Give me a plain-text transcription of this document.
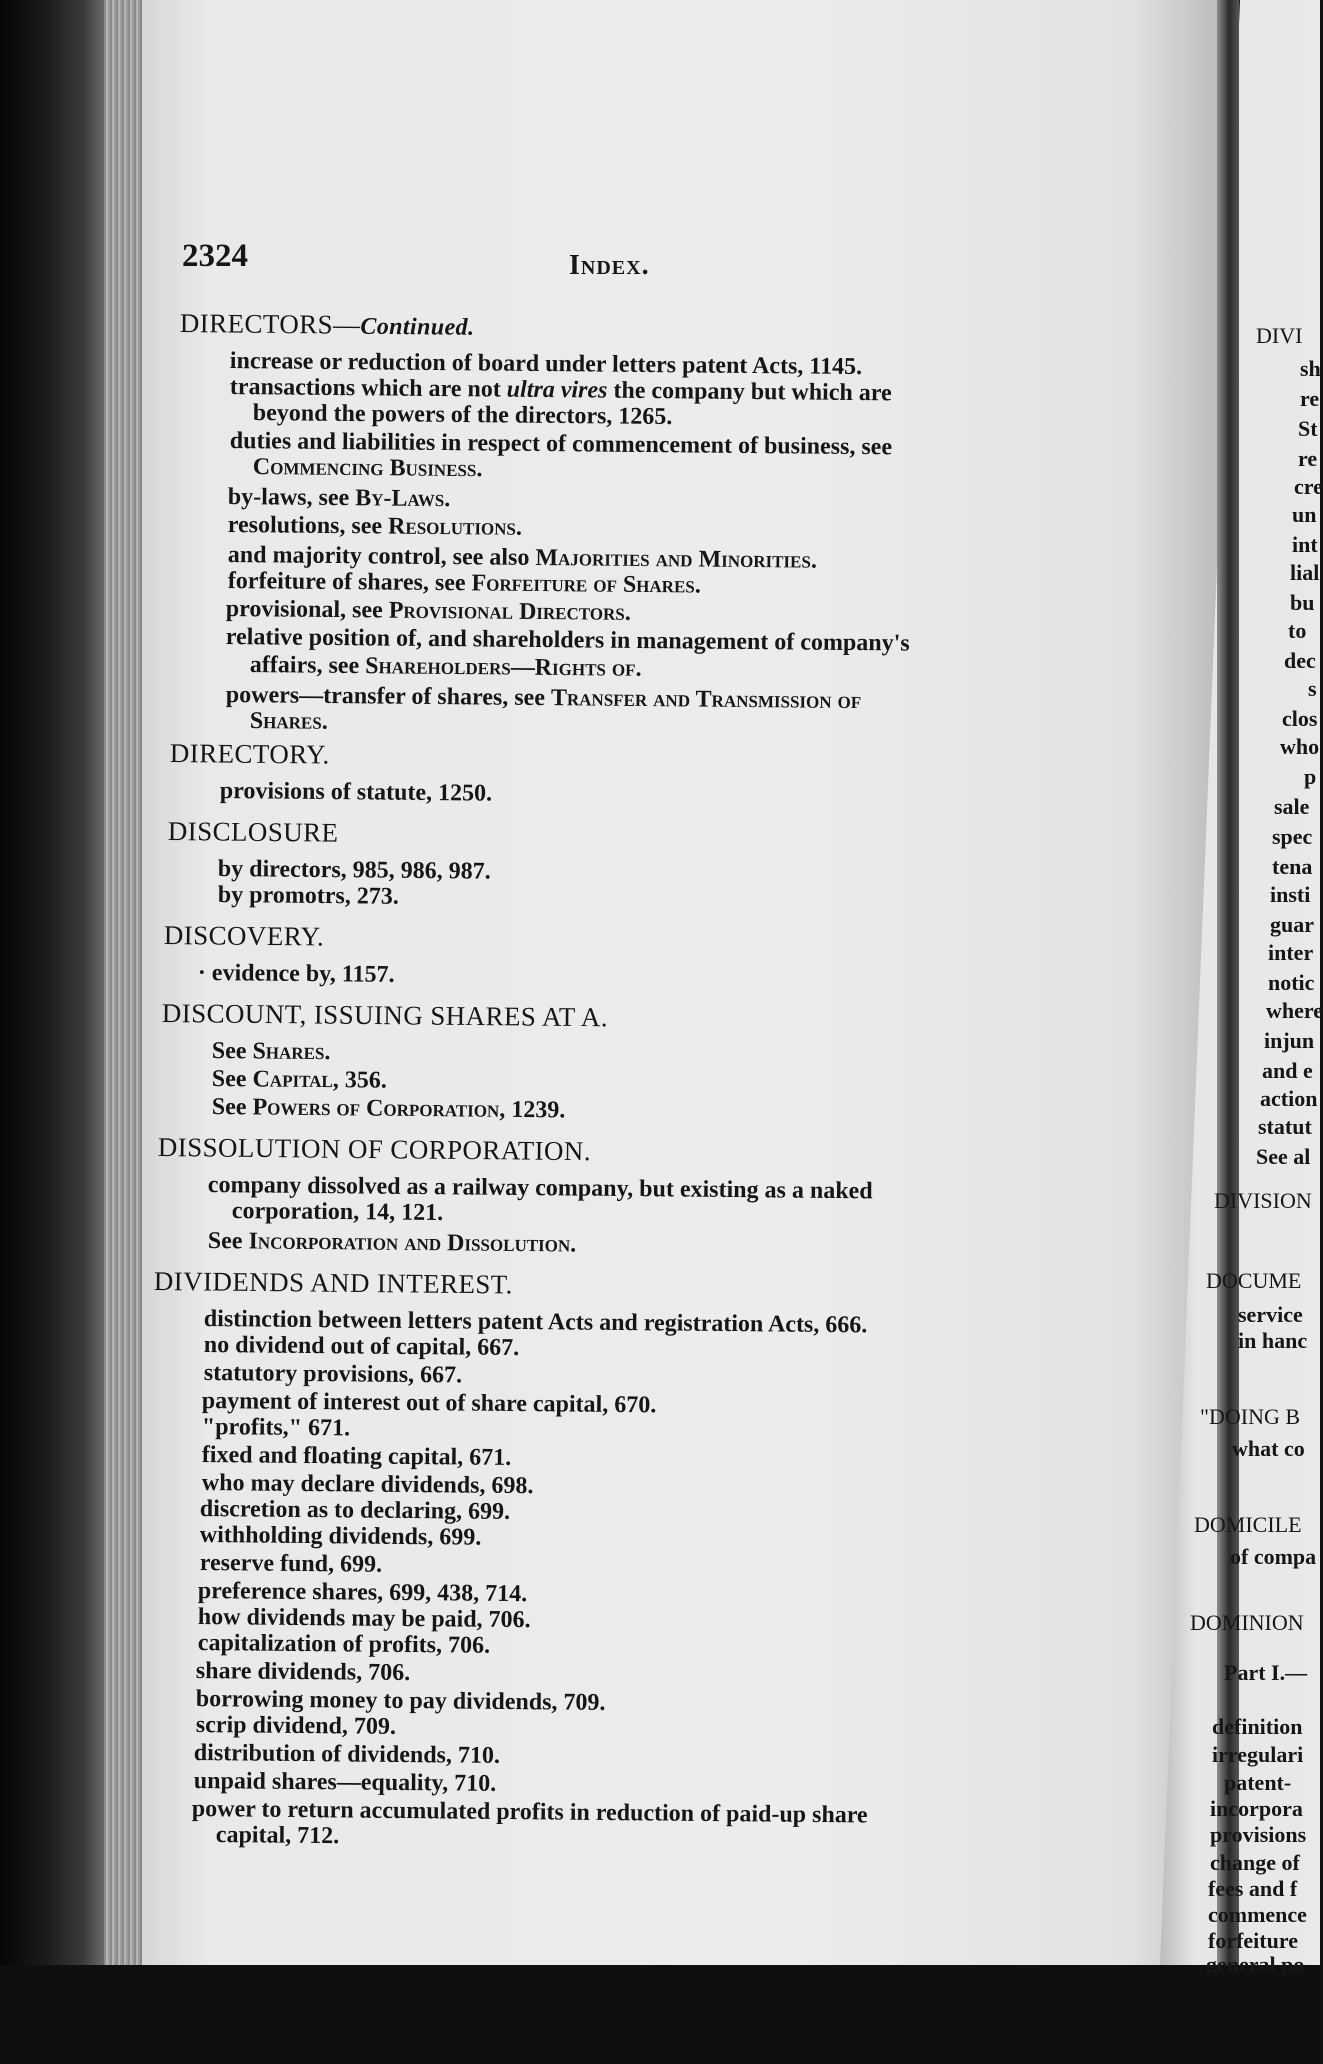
2324	Index.
DIRECTORS—Continued.
increase or reduction of board under letters patent Acts, 1145.
transactions which are not ultra vires the company but which are
beyond the powers of the directors, 1265.
duties and liabilities in respect of commencement of business, see
Commencing Business.
by-laws, see By-Laws.
resolutions, see Resolutions.
and majority control, see also Majorities and Minorities.
forfeiture of shares, see Forfeiture of Shares.
provisional, see Provisional Directors.
relative position of, and shareholders in management of company's
affairs, see Shareholders—Rights of.
powers—transfer of shares, see Transfer and Transmission of
Shares.
DIRECTORY.
provisions of statute, 1250.
DISCLOSURE
by directors, 985, 986, 987.
by promotrs, 273.
DISCOVERY.
· evidence by, 1157.
DISCOUNT, ISSUING SHARES AT A.
See Shares.
See Capital, 356.
See Powers of Corporation, 1239.
DISSOLUTION OF CORPORATION.
company dissolved as a railway company, but existing as a naked
corporation, 14, 121.
See Incorporation and Dissolution.
DIVIDENDS AND INTEREST.
distinction between letters patent Acts and registration Acts, 666.
no dividend out of capital, 667.
statutory provisions, 667.
payment of interest out of share capital, 670.
"profits," 671.
fixed and floating capital, 671.
who may declare dividends, 698.
discretion as to declaring, 699.
withholding dividends, 699.
reserve fund, 699.
preference shares, 699, 438, 714.
how dividends may be paid, 706.
capitalization of profits, 706.
share dividends, 706.
borrowing money to pay dividends, 709.
scrip dividend, 709.
distribution of dividends, 710.
unpaid shares—equality, 710.
power to return accumulated profits in reduction of paid-up share
capital, 712.
DIVI
sh
re
St
re
cre
un
int
lial
bu
to
dec
s
clos
who
p
sale
spec
tena
insti
guar
inter
notic
where
injun
and e
action
statut
See al
DIVISION
DOCUME
service
in hanc
"DOING B
what co
DOMICILE
of compa
DOMINION
Part I.—
definition
irregulari
patent-
incorpora
provisions
change of
fees and f
commence
forfeiture
general po
